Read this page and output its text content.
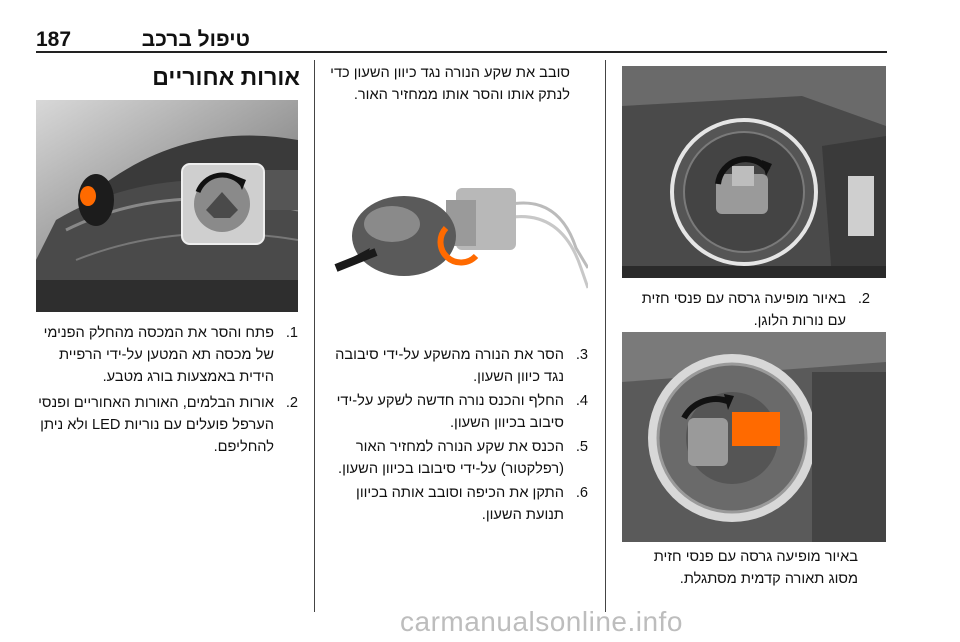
טיפול ברכב
187
אורות אחוריים
1.
פתח והסר את המכסה מהחלק הפנימי של מכסה תא המטען על-ידי הרפיית הידית באמצעות בורג מטבע.
2.
אורות הבלמים, האורות האחוריים ופנסי הערפל פועלים עם נוריות LED ולא ניתן להחליפם.
סובב את שקע הנורה נגד כיוון השעון כדי לנתק אותו והסר אותו ממחזיר האור.
3.
הסר את הנורה מהשקע על-ידי סיבובה נגד כיוון השעון.
4.
החלף והכנס נורה חדשה לשקע על-ידי סיבוב בכיוון השעון.
5.
הכנס את שקע הנורה למחזיר האור (רפלקטור) על-ידי סיבובו בכיוון השעון.
6.
התקן את הכיפה וסובב אותה בכיוון תנועת השעון.
2.
באיור מופיעה גרסה עם פנסי חזית עם נורות הלוגן.
באיור מופיעה גרסה עם פנסי חזית מסוג תאורה קדמית מסתגלת.
carmanualsonline.info
